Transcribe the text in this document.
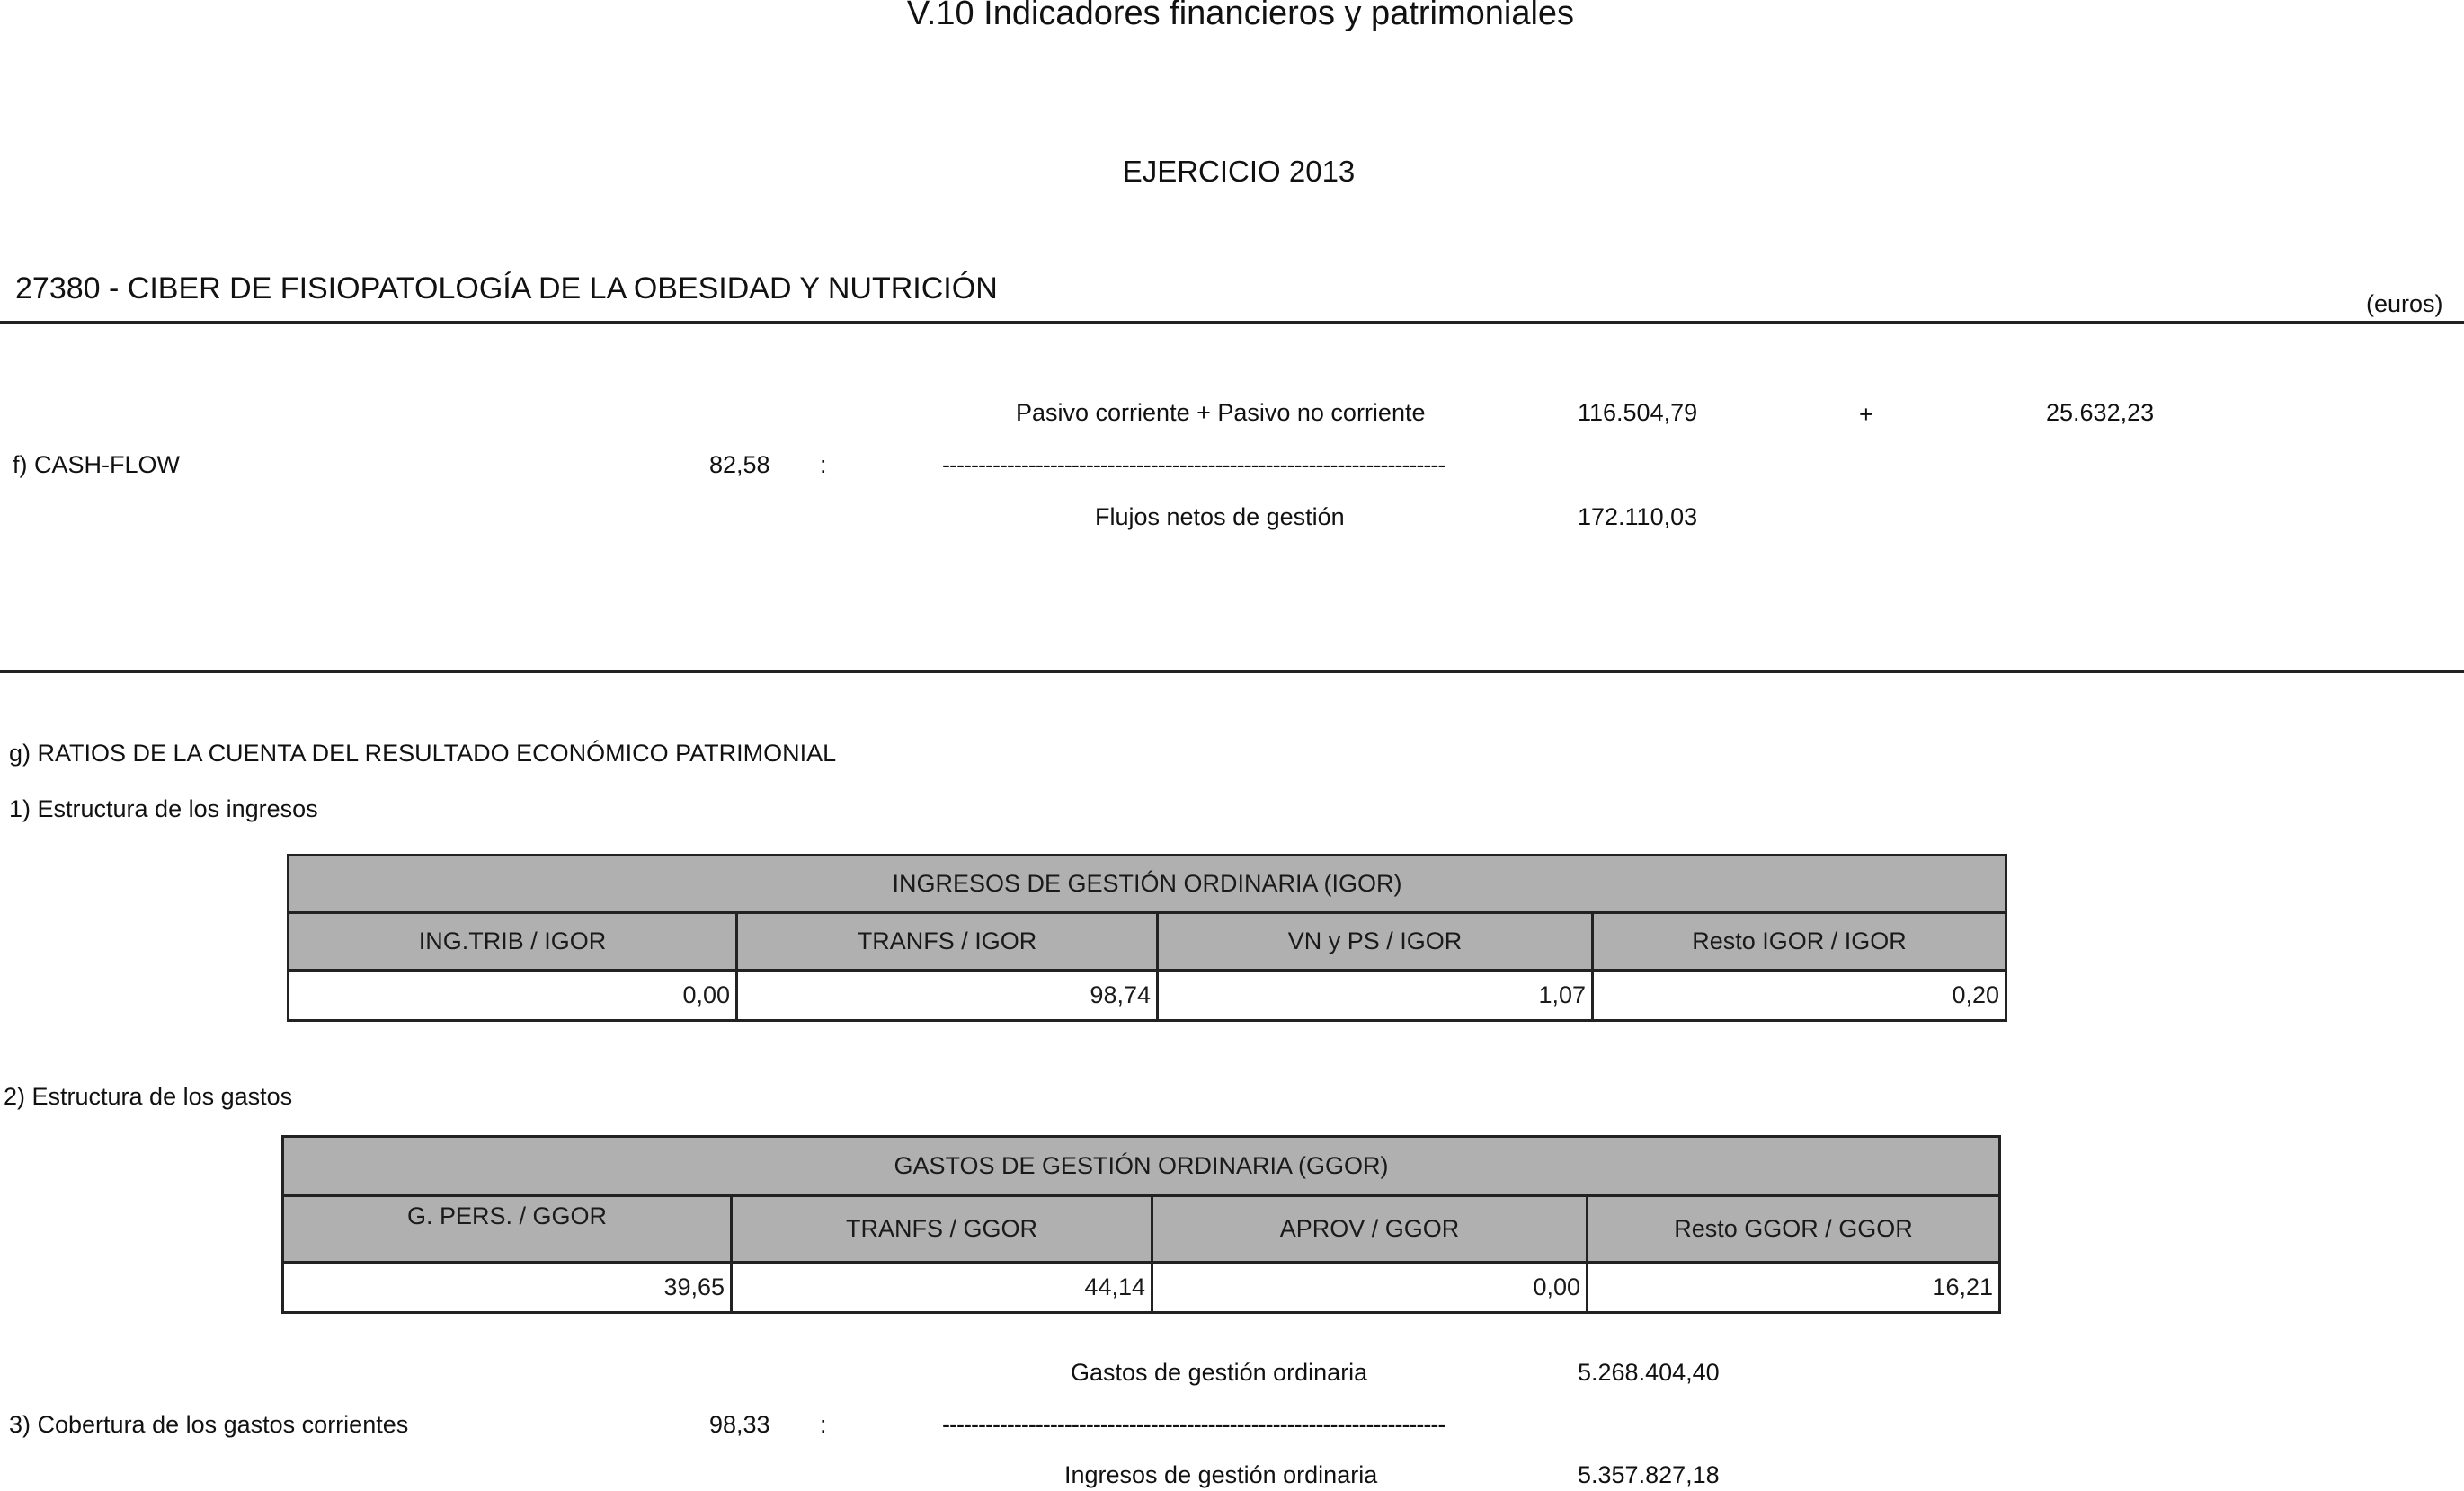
V.10 Indicadores financieros y patrimoniales
EJERCICIO 2013
27380 - CIBER DE FISIOPATOLOGÍA DE LA OBESIDAD Y NUTRICIÓN	(euros)
Pasivo corriente + Pasivo no corriente	116.504,79	+	25.632,23
f) CASH-FLOW	82,58 :	----------------------------------------------------------------------
Flujos netos de gestión	172.110,03
g) RATIOS DE LA CUENTA DEL RESULTADO ECONÓMICO PATRIMONIAL
1) Estructura de los ingresos
INGRESOS DE GESTIÓN ORDINARIA (IGOR)			
ING.TRIB / IGOR	TRANFS / IGOR	VN y PS / IGOR	Resto IGOR / IGOR
0,00	98,74	1,07	0,20
2) Estructura de los gastos
GASTOS DE GESTIÓN ORDINARIA (GGOR)			
G. PERS. / GGOR	TRANFS / GGOR	APROV / GGOR	Resto GGOR / GGOR
39,65	44,14	0,00	16,21
Gastos de gestión ordinaria	5.268.404,40
3) Cobertura de los gastos corrientes	98,33 :	----------------------------------------------------------------------
Ingresos de gestión ordinaria	5.357.827,18
